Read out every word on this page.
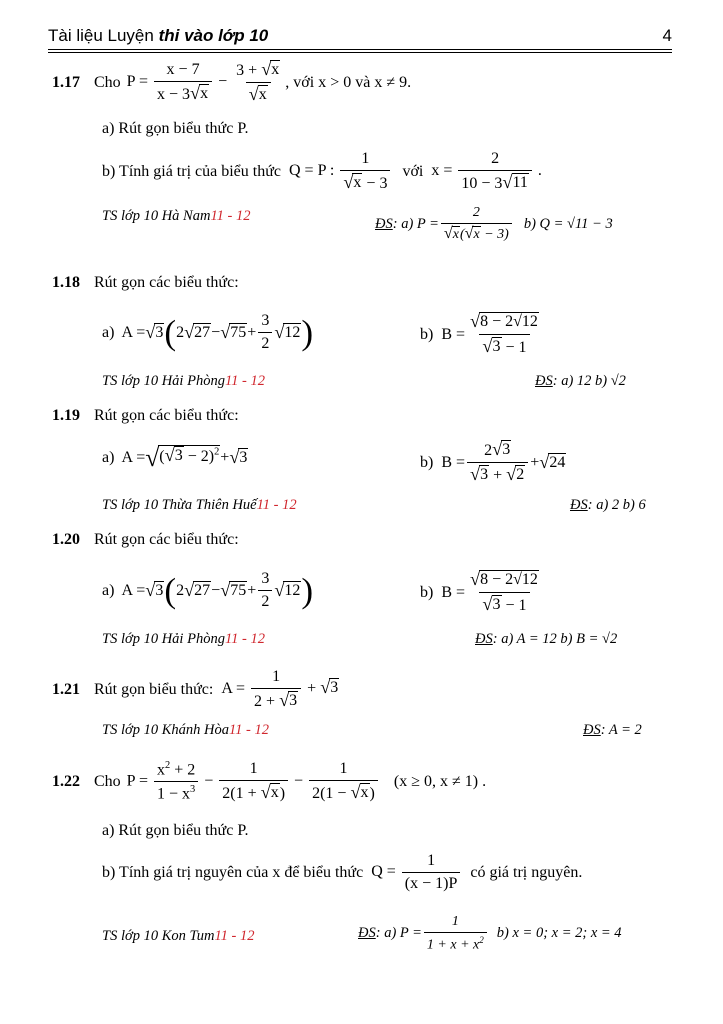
Tài liệu Luyện thi vào lớp 10	4
1.17 Cho $P = \frac{x - 7}{x - 3 √ x} - \frac{3 + √ x}{√ x}$ , với x > 0 và x ≠ 9.
a) Rút gọn biểu thức P.
b) Tính giá trị của biểu thức Q = P : $\frac{1}{√ x - 3}$ với $x = \frac{2}{10 - 3 √ 11}$ .
TS lớp 10 Hà Nam 11 - 12	ĐS : a) $P = \frac{2}{√ x ( √ x - 3)} b$) Q = √11 − 3
1.18 Rút gọn các biểu thức:
a)  A = √ 3 ( 2 √ 27 − √ $75 + \frac{3}{2}$ √ 12 )	b)  $B = \frac{√ 8 - 2√12}{√ 3 - 1}$
TS lớp 10 Hải Phòng 11 - 12	ĐS : a) 12 b) √2
1.19 Rút gọn các biểu thức:
a)  A = √ ( √ 3 − 2)$^2$ + √ 3	b)  $B = \frac{2 √ 3}{√ 3 + √ 2}$ + √ 24
TS lớp 10 Thừa Thiên Huế 11 - 12	ĐS : a) 2 b) 6
1.20 Rút gọn các biểu thức:
a)  A = √ 3 ( 2 √ 27 − √ $75 + \frac{3}{2}$ √ 12 )	b)  $B = \frac{√ 8 - 2√12}{√ 3 - 1}$
TS lớp 10 Hải Phòng 11 - 12	ĐS : a) A = 12 b) B = √2
1.21 Rút gọn biểu thức: $A = \frac{1}{2 + √ 3}$ + √ 3
TS lớp 10 Khánh Hòa 11 - 12	ĐS : A = 2
1.22 Cho $P = \frac{x^2 + 2}{1 - x^3} - \frac{1}{2(1 + √ x )} - \frac{1}{2(1 - √ x )} (x \ge 0$, x ≠ 1) .
a) Rút gọn biểu thức P.
b) Tính giá trị nguyên của x để biểu thức $Q = \frac{1}{(x - 1)P}$ có giá trị nguyên.
TS lớp 10 Kon Tum 11 - 12	ĐS : a) $P = \frac{1}{1 + x + x^2} b$) x = 0; x = 2; x = 4
